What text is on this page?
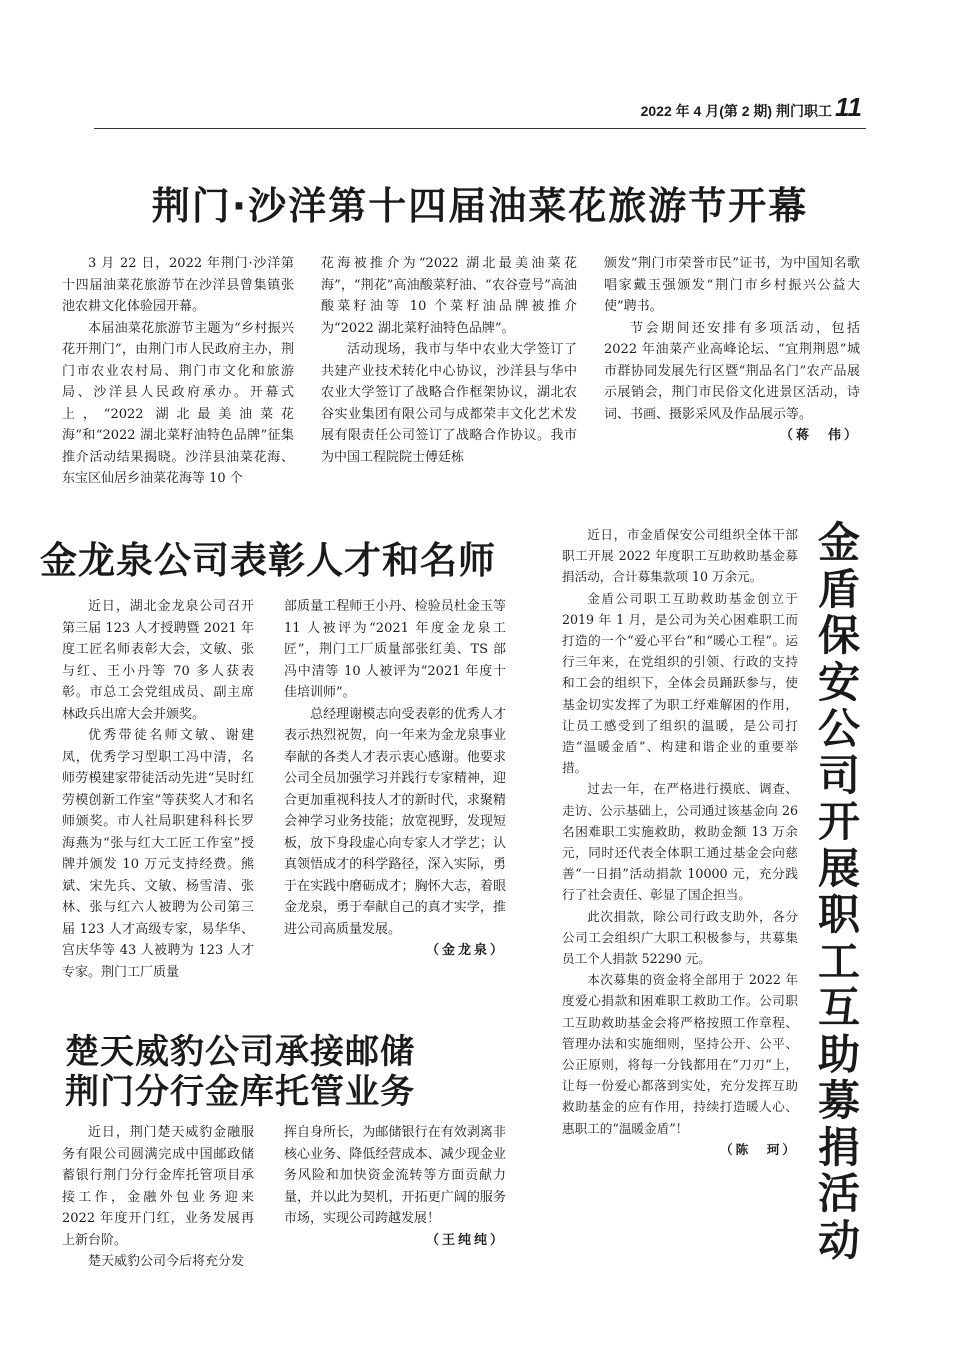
2022 年 4 月(第 2 期) 荆门职工 11
荆门·沙洋第十四届油菜花旅游节开幕

3 月 22 日，2022 年荆门·沙洋第十四届油菜花旅游节在沙洋县曾集镇张池农耕文化体验园开幕。

本届油菜花旅游节主题为“乡村振兴花开荆门”，由荆门市人民政府主办，荆门市农业农村局、荆门市文化和旅游局、沙洋县人民政府承办。开幕式上，“2022 湖北最美油菜花海”和“2022 湖北菜籽油特色品牌”征集推介活动结果揭晓。沙洋县油菜花海、东宝区仙居乡油菜花海等 10 个

花海被推介为“2022 湖北最美油菜花海”，“荆花”高油酸菜籽油、“农谷壹号”高油酸菜籽油等 10 个菜籽油品牌被推介为“2022 湖北菜籽油特色品牌”。

活动现场，我市与华中农业大学签订了共建产业技术转化中心协议，沙洋县与华中农业大学签订了战略合作框架协议，湖北农谷实业集团有限公司与成都荣丰文化艺术发展有限责任公司签订了战略合作协议。我市为中国工程院院士傅廷栋

颁发“荆门市荣誉市民”证书，为中国知名歌唱家戴玉强颁发“荆门市乡村振兴公益大使”聘书。

节会期间还安排有多项活动，包括 2022 年油菜产业高峰论坛、“宜荆荆恩”城市群协同发展先行区暨“荆品名门”农产品展示展销会，荆门市民俗文化进景区活动，诗词、书画、摄影采风及作品展示等。

（蒋　伟）
金龙泉公司表彰人才和名师

近日，湖北金龙泉公司召开第三届 123 人才授聘暨 2021 年度工匠名师表彰大会，文敏、张与红、王小丹等 70 多人获表彰。市总工会党组成员、副主席林政兵出席大会并颁奖。

优秀带徒名师文敏、谢建凤，优秀学习型职工冯中清，名师劳模建家带徒活动先进“吴时红劳模创新工作室”等获奖人才和名师颁奖。市人社局职建科科长罗海燕为“张与红大工匠工作室”授牌并颁发 10 万元支持经费。熊斌、宋先兵、文敏、杨雪清、张林、张与红六人被聘为公司第三届 123 人才高级专家，易华华、宫庆华等 43 人被聘为 123 人才专家。荆门工厂质量

部质量工程师王小丹、检验员杜金玉等 11 人被评为“2021 年度金龙泉工匠”，荆门工厂质量部张红美、TS 部冯中清等 10 人被评为“2021 年度十佳培训师”。

总经理谢模志向受表彰的优秀人才表示热烈祝贺，向一年来为金龙泉事业奉献的各类人才表示衷心感谢。他要求公司全员加强学习并践行专家精神，迎合更加重视科技人才的新时代，求聚精会神学习业务技能；放宽视野，发现短板，放下身段虚心向专家人才学艺；认真领悟成才的科学路径，深入实际，勇于在实践中磨砺成才；胸怀大志，着眼金龙泉，勇于奉献自己的真才实学，推进公司高质量发展。

（金龙泉）
楚天威豹公司承接邮储
荆门分行金库托管业务

近日，荆门楚天威豹金融服务有限公司圆满完成中国邮政储蓄银行荆门分行金库托管项目承接工作，金融外包业务迎来 2022 年度开门红，业务发展再上新台阶。

楚天威豹公司今后将充分发

挥自身所长，为邮储银行在有效剥离非核心业务、降低经营成本、减少现金业务风险和加快资金流转等方面贡献力量，并以此为契机，开拓更广阔的服务市场，实现公司跨越发展！

（王纯纯）

近日，市金盾保安公司组织全体干部职工开展 2022 年度职工互助救助基金募捐活动，合计募集款项 10 万余元。

金盾公司职工互助救助基金创立于 2019 年 1 月，是公司为关心困难职工而打造的一个“爱心平台”和“暖心工程”。运行三年来，在党组织的引领、行政的支持和工会的组织下，全体会员踊跃参与，使基金切实发挥了为职工纾难解困的作用，让员工感受到了组织的温暖，是公司打造“温暖金盾”、构建和谐企业的重要举措。

过去一年，在严格进行摸底、调查、走访、公示基础上，公司通过该基金向 26 名困难职工实施救助，救助金额 13 万余元，同时还代表全体职工通过基金会向慈善“一日捐”活动捐款 10000 元，充分践行了社会责任、彰显了国企担当。

此次捐款，除公司行政支助外，各分公司工会组织广大职工积极参与，共募集员工个人捐款 52290 元。

本次募集的资金将全部用于 2022 年度爱心捐款和困难职工救助工作。公司职工互助救助基金会将严格按照工作章程、管理办法和实施细则，坚持公开、公平、公正原则，将每一分钱都用在“刀刃”上，让每一份爱心都落到实处，充分发挥互助救助基金的应有作用，持续打造暖人心、惠职工的“温暖金盾”！

（陈　珂）
金盾保安公司开展职工互助募捐活动
